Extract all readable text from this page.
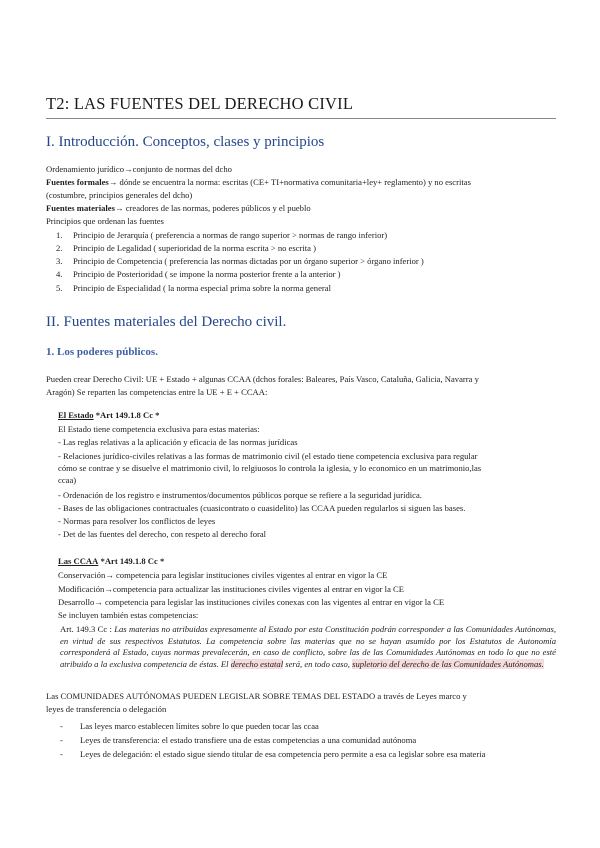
T2: LAS FUENTES DEL DERECHO CIVIL
I. Introducción. Conceptos, clases y principios
Ordenamiento jurídico→conjunto de normas del dcho
Fuentes formales→ dónde se encuentra la norma: escritas (CE+ TI+normativa comunitaria+ley+ reglamento) y no escritas
(costumbre, principios generales del dcho)
Fuentes materiales→ creadores de las normas, poderes públicos y el pueblo
Principios que ordenan las fuentes
1. Principio de Jerarquía ( preferencia a normas de rango superior > normas de rango inferior)
2. Principio de Legalidad ( superioridad de la norma escrita > no escrita )
3. Principio de Competencia ( preferencia las normas dictadas por un órgano superior > órgano inferior )
4. Principio de Posterioridad ( se impone la norma posterior frente a la anterior )
5. Principio de Especialidad ( la norma especial prima sobre la norma general
II. Fuentes materiales del Derecho civil.
1. Los poderes públicos.
Pueden crear Derecho Civil: UE + Estado + algunas CCAA (dchos forales: Baleares, País Vasco, Cataluña, Galicia, Navarra y
Aragón) Se reparten las competencias entre la UE + E + CCAA:
El Estado *Art 149.1.8 Cc *
El Estado tiene competencia exclusiva para estas materias:
- Las reglas relativas a la aplicación y eficacia de las normas jurídicas
- Relaciones jurídico-civiles relativas a las formas de matrimonio civil (el estado tiene competencia exclusiva para regular
cómo se contrae y se disuelve el matrimonio civil, lo relgiuosos lo controla la iglesia, y lo economico en un matrimonio,las
ccaa)
- Ordenación de los registro e instrumentos/documentos públicos porque se refiere a la seguridad jurídica.
- Bases de las obligaciones contractuales (cuasicontrato o cuasidelito) las CCAA pueden regularlos si siguen las bases.
- Normas para resolver los conflictos de leyes
- Det de las fuentes del derecho, con respeto al derecho foral
Las CCAA *Art 149.1.8 Cc *
Conservación→ competencia para legislar instituciones civiles vigentes al entrar en vigor la CE
Modificación→competencia para actualizar las instituciones civiles vigentes al entrar en vigor la CE
Desarrollo→ competencia para legislar las instituciones civiles conexas con las vigentes al entrar en vigor la CE
Se incluyen también estas competencias:
Art. 149.3 Cc : Las materias no atribuidas expresamente al Estado por esta Constitución podrán corresponder a las Comunidades Autónomas, en virtud de sus respectivos Estatutos. La competencia sobre las materias que no se hayan asumido por los Estatutos de Autonomía corresponderá al Estado, cuyas normas prevalecerán, en caso de conflicto, sobre las de las Comunidades Autónomas en todo lo que no esté atribuido a la exclusiva competencia de éstas. El derecho estatal será, en todo caso, supletorio del derecho de las Comunidades Autónomas.
Las COMUNIDADES AUTÓNOMAS PUEDEN LEGISLAR SOBRE TEMAS DEL ESTADO a través de Leyes marco y
leyes de transferencia o delegación
- Las leyes marco establecen límites sobre lo que pueden tocar las ccaa
- Leyes de transferencia: el estado transfiere una de estas competencias a una comunidad autónoma
- Leyes de delegación: el estado sigue siendo titular de esa competencia pero permite a esa ca legislar sobre esa materia
